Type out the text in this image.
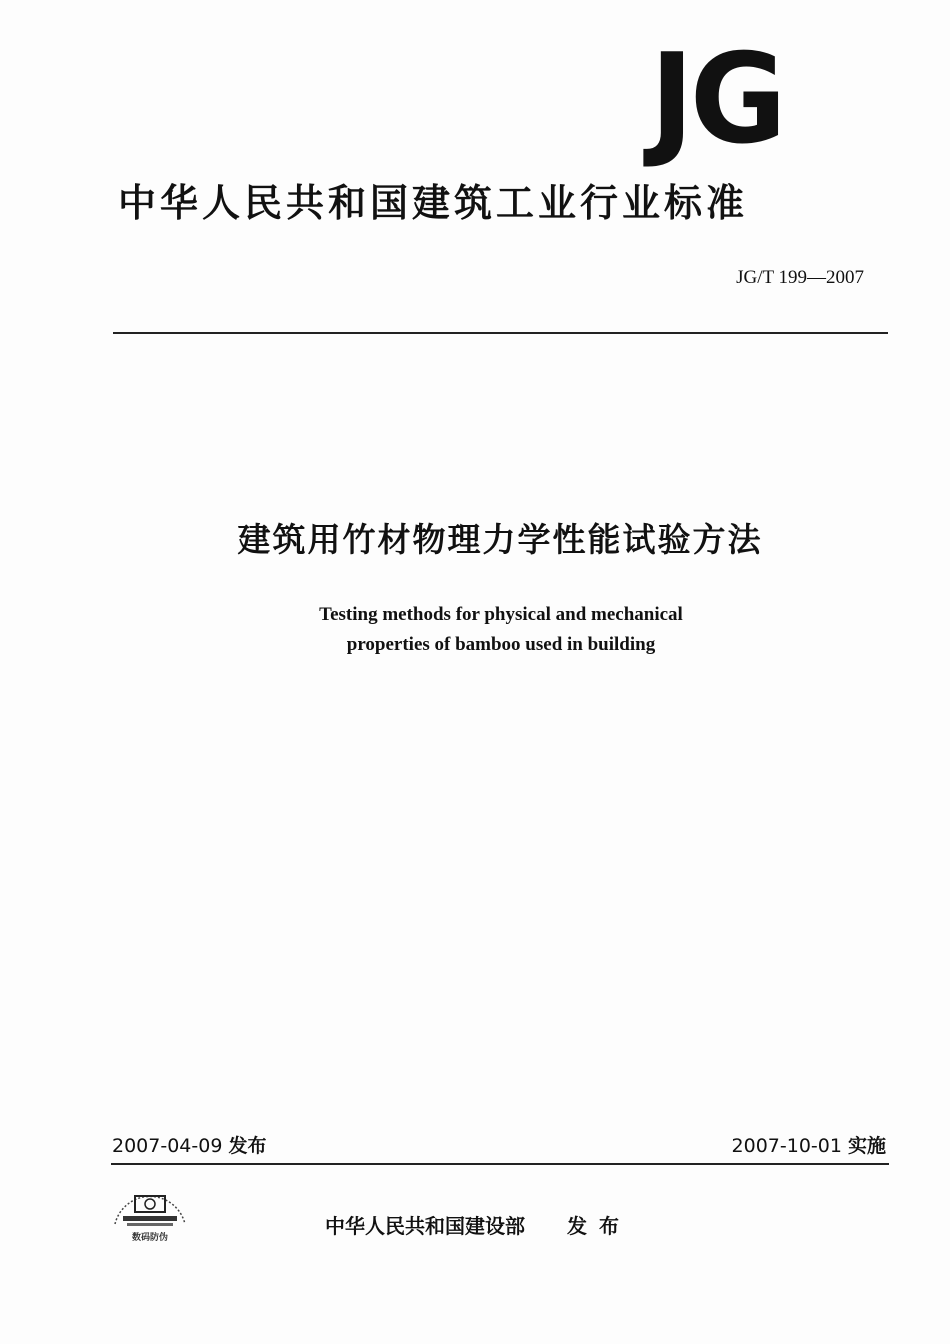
JG
中华人民共和国建筑工业行业标准
JG/T 199—2007
建筑用竹材物理力学性能试验方法
Testing methods for physical and mechanical
properties of bamboo used in building
2007-04-09 发布	2007-10-01 实施
数码防伪	中华人民共和国建设部 发布
